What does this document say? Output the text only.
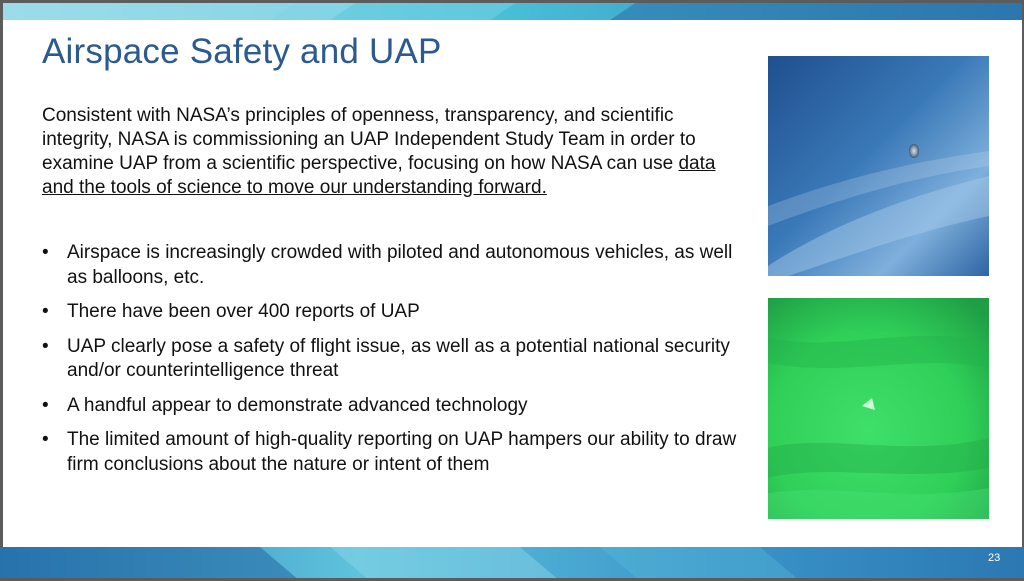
Airspace Safety and UAP

Consistent with NASA’s principles of openness, transparency, and scientific integrity, NASA is commissioning an UAP Independent Study Team in order to examine UAP from a scientific perspective, focusing on how NASA can use data and the tools of science to move our understanding forward.

• Airspace is increasingly crowded with piloted and autonomous vehicles, as well as balloons, etc.
• There have been over 400 reports of UAP
• UAP clearly pose a safety of flight issue, as well as a potential national security and/or counterintelligence threat
• A handful appear to demonstrate advanced technology
• The limited amount of high-quality reporting on UAP hampers our ability to draw firm conclusions about the nature or intent of them
23
